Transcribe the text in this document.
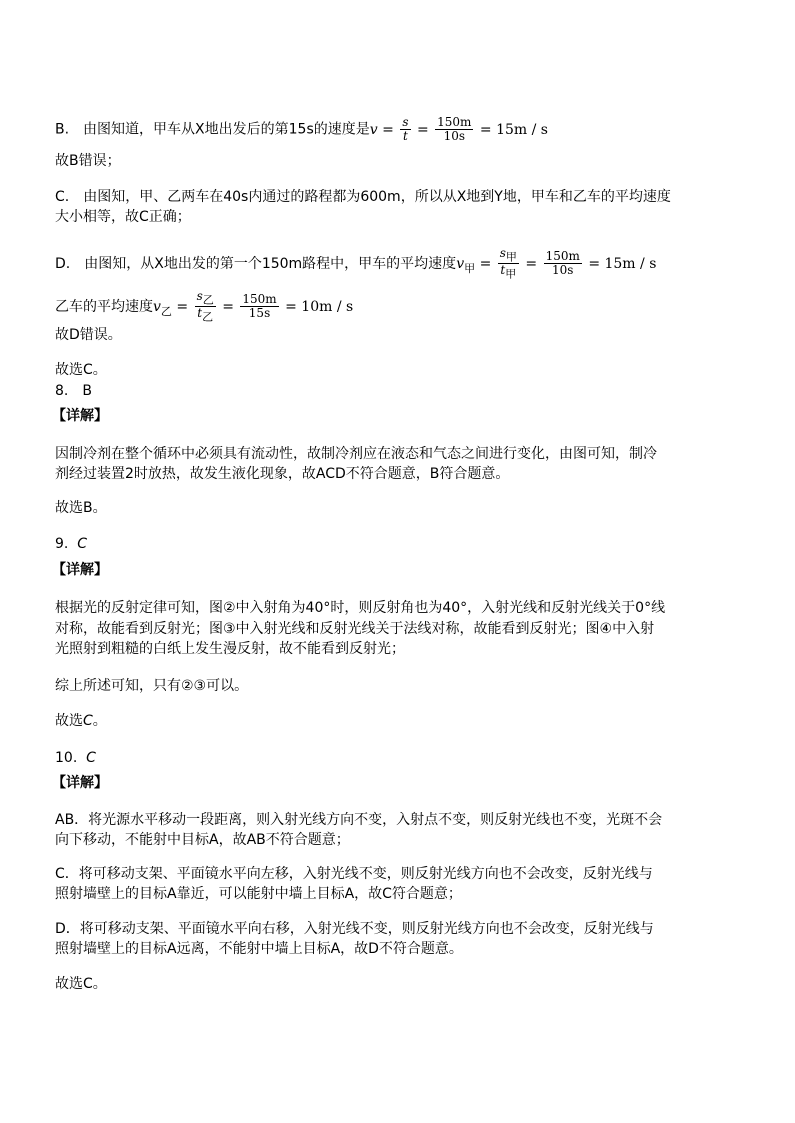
B.　由图知道，甲车从X地出发后的第15s的速度是$v = \frac{s}{t} = \frac{150m}{10s} = 15m / s$
故B错误；
C.　由图知，甲、乙两车在40s内通过的路程都为600m，所以从X地到Y地，甲车和乙车的平均速度
大小相等，故C正确；
D.　由图知，从X地出发的第一个150m路程中，甲车的平均速度$v_甲 = \frac{s_甲}{t_甲} = \frac{150m}{10s} = 15m / s$
乙车的平均速度$v_乙 = \frac{s_乙}{t_乙} = \frac{150m}{15s} = 10m / s$
故D错误。
故选C。
8.　B
【详解】
因制冷剂在整个循环中必须具有流动性，故制冷剂应在液态和气态之间进行变化，由图可知，制冷
剂经过装置2时放热，故发生液化现象，故ACD不符合题意，B符合题意。
故选B。
9. C
【详解】
根据光的反射定律可知，图②中入射角为40°时，则反射角也为40°，入射光线和反射光线关于0°线
对称，故能看到反射光；图③中入射光线和反射光线关于法线对称，故能看到反射光；图④中入射
光照射到粗糙的白纸上发生漫反射，故不能看到反射光；
综上所述可知，只有②③可以。
故选C。
10. C
【详解】
AB．将光源水平移动一段距离，则入射光线方向不变，入射点不变，则反射光线也不变，光斑不会
向下移动，不能射中目标A，故AB不符合题意；
C．将可移动支架、平面镜水平向左移，入射光线不变，则反射光线方向也不会改变，反射光线与
照射墙壁上的目标A靠近，可以能射中墙上目标A，故C符合题意；
D．将可移动支架、平面镜水平向右移，入射光线不变，则反射光线方向也不会改变，反射光线与
照射墙壁上的目标A远离，不能射中墙上目标A，故D不符合题意。
故选C。
